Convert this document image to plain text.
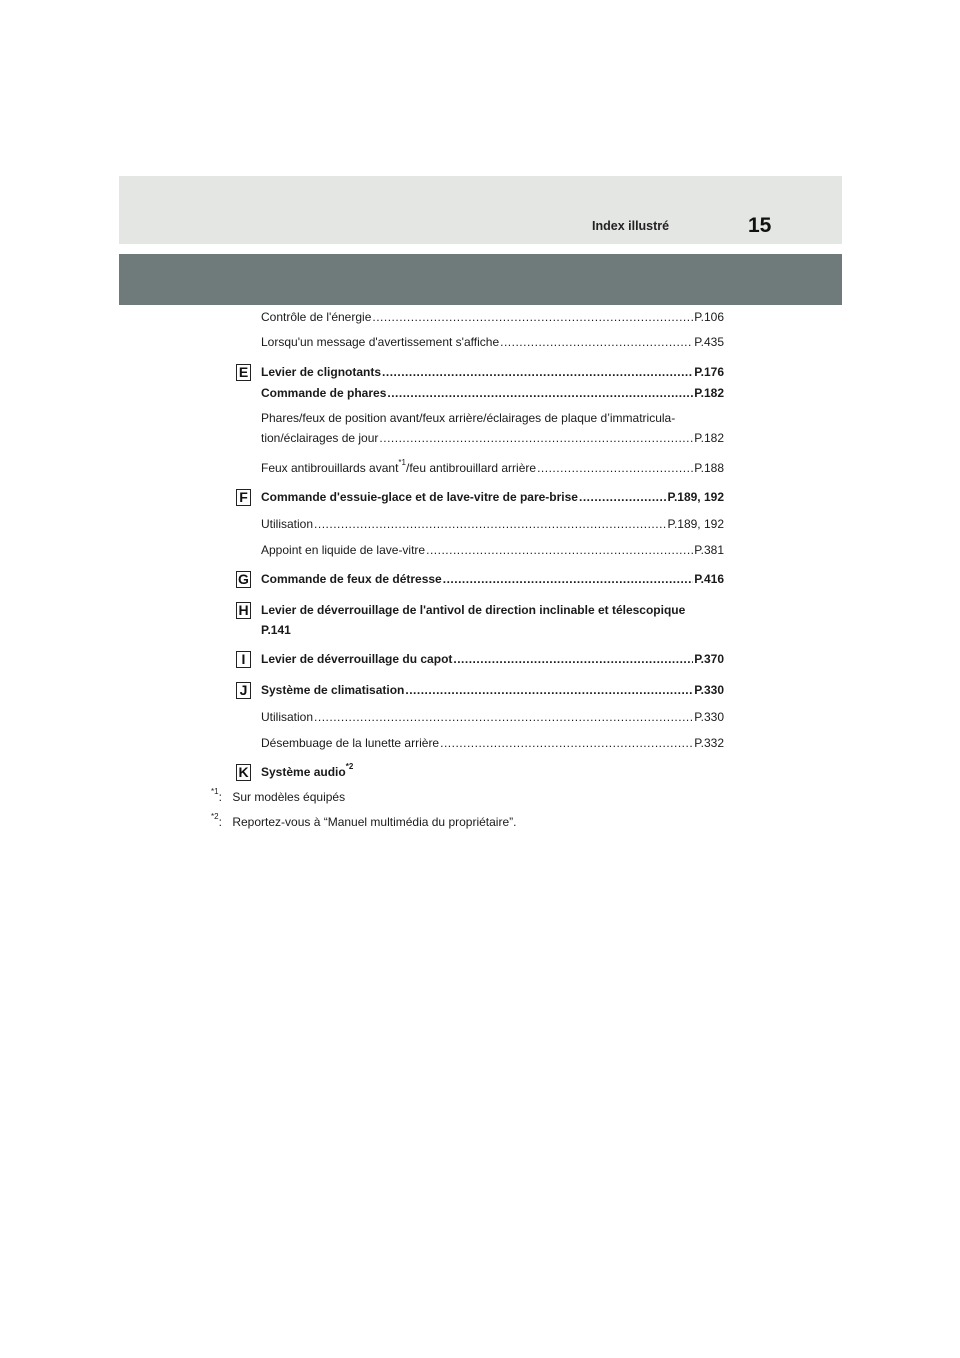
Index illustré	15
Contrôle de l'énergie .....	P.106
Lorsqu'un message d'avertissement s'affiche .....	P.435
E Levier de clignotants .....	P.176
Commande de phares .....	P.182
Phares/feux de position avant/feux arrière/éclairages de plaque d’immatricula-
tion/éclairages de jour .....	P.182
Feux antibrouillards avant$^{*1}$/feu antibrouillard arrière .....	P.188
F Commande d'essuie-glace et de lave-vitre de pare-brise .....	P.189, 192
Utilisation .....	P.189, 192
Appoint en liquide de lave-vitre .....	P.381
G Commande de feux de détresse .....	P.416
H Levier de déverrouillage de l'antivol de direction inclinable et télescopique
P.141
I	Levier de déverrouillage du capot .....	P.370
J	Système de climatisation .....	P.330
Utilisation .....	P.330
Désembuage de la lunette arrière .....	P.332
K Système audio$^{*2}$
$^{*1}$: Sur modèles équipés
$^{*2}$: Reportez-vous à “Manuel multimédia du propriétaire”.
